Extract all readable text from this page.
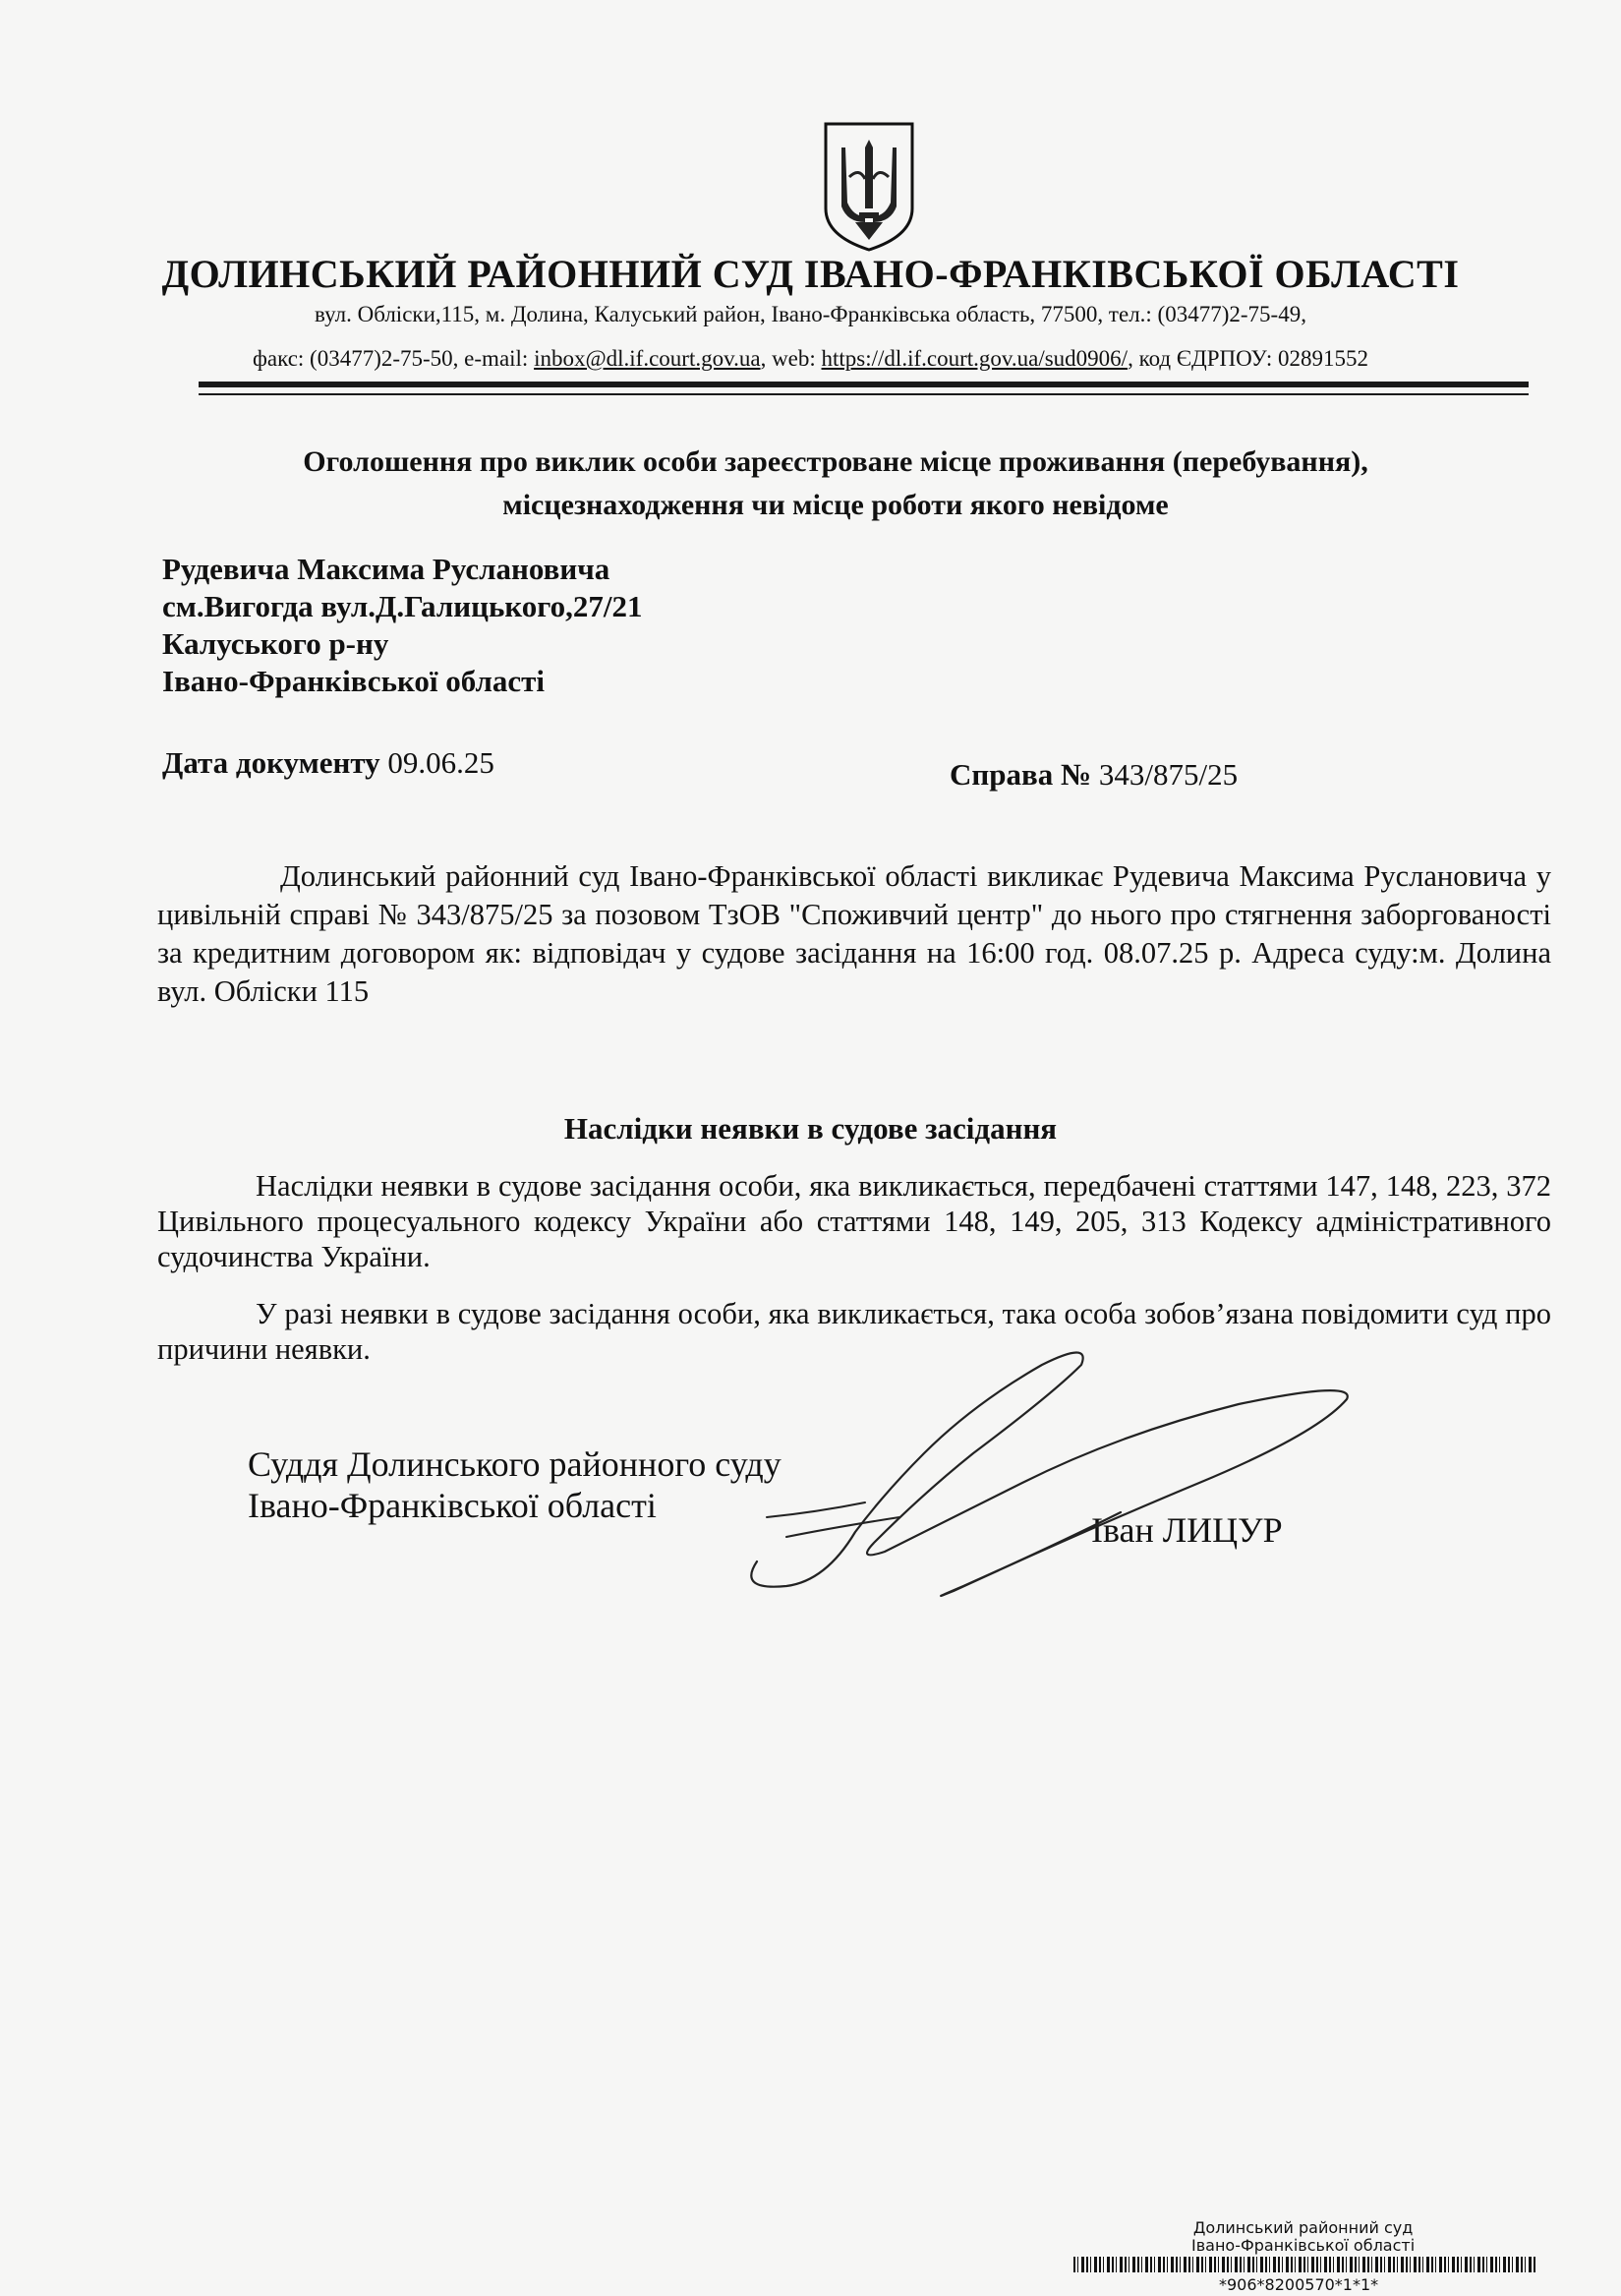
ДОЛИНСЬКИЙ РАЙОННИЙ СУД ІВАНО-ФРАНКІВСЬКОЇ ОБЛАСТІ
вул. Обліски,115, м. Долина, Калуський район, Івано-Франківська область, 77500, тел.: (03477)2-75-49,
факс: (03477)2-75-50, e-mail: inbox@dl.if.court.gov.ua, web: https://dl.if.court.gov.ua/sud0906/, код ЄДРПОУ: 02891552
Оголошення про виклик особи зареєстроване місце проживання (перебування),
місцезнаходження чи місце роботи якого невідоме
Рудевича Максима Руслановича
см.Вигогда вул.Д.Галицького,27/21
Калуського р-ну
Івано-Франківської області
Дата документу 09.06.25	Справа № 343/875/25
Долинський районний суд Івано-Франківської області викликає Рудевича Максима Руслановича у цивільній справі № 343/875/25 за позовом ТзОВ "Споживчий центр" до нього про стягнення заборгованості за кредитним договором як: відповідач у судове засідання на 16:00 год. 08.07.25 р. Адреса суду:м. Долина вул. Обліски 115
Наслідки неявки в судове засідання
Наслідки неявки в судове засідання особи, яка викликається, передбачені статтями 147, 148, 223, 372 Цивільного процесуального кодексу України або статтями 148, 149, 205, 313 Кодексу адміністративного судочинства України.
У разі неявки в судове засідання особи, яка викликається, така особа зобов’язана повідомити суд про причини неявки.
Суддя Долинського районного суду
Івано-Франківської області
Іван ЛИЦУР
Долинський районний суд
Івано-Франківської області
*906*8200570*1*1*
